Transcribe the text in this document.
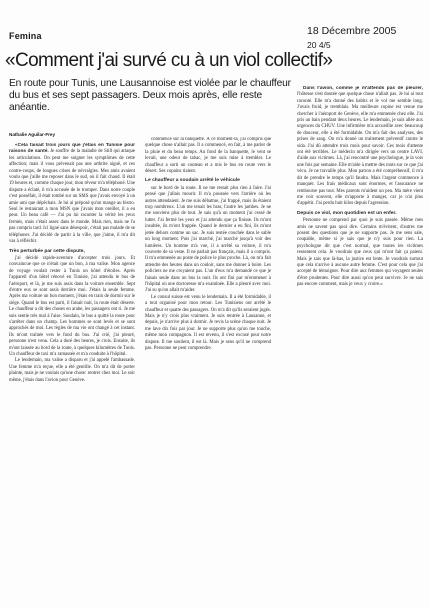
Femina	18 Décembre 2005
20 4/5
«Comment j'ai survé cu à un viol collectif»
En route pour Tunis, une Lausannoise est violée par le chauffeur du bus et ses sept passagers. Deux mois après, elle reste anéantie.
Nathalie Aguilar-Frey

«Cela faisait trois jours que j'étais en Tunisie pour raisons de santé. Je souffre de la maladie de Still qui attaque les articulations. On peut me soigner les symptômes de cette affection; mais il vous prévenait pas une arthrite aiguë, et ces contre-coups, de longues crises de névralgies. Mes amis avaient voulu que j'aille me reposer dans le sud, où il fait chaud. Il était 19 heures et, comme chaque jour, mon rêveur m'a téléphoné. Une dispute a éclaté, il m'a accusée de le tromper. Dans notre couple c'est posséfait, il était tombé sur un SMS que j'avais envoyé à un amie ami que dépêchais. Je lui ai préposé qu'on mange au bistro. Seul le restaurant a mon MSN que j'avais mon oreiller, il a eu peur. Un beau café — J'ai pu lui raconter la vérité les yeux fermés, mais c'était assez dans le monde. Mais rien, mais ne l'a pas compris tard. Ici ligné sans désespoir, c'était pas malade de se téléphoner. J'ai décidé de partir à la ville, que j'aime, il m'a dit vas à réfléchir.

Très perturbée par cette dispute,

j'ai décidé rapide-aventure d'accepter trois jours. Et convaincue que ce n'était que un bon, à ma valise. Mon agence de voyage voulait rester à Tunis un hôtel d'étoiles. Après l'appareil d'un hôtel rénové en Tunisie, j'ai attendu le bus de l'aéroport, et là, je me suis assis dans la voiture ensemble. Sept d'entre eux se sont assis derrière moi. J'étais la seule femme. Après ma voiture un bon moment, j'étais en train de dormir sur le siège. Quand le bus est parti, il faisait nuit, la route était déserte. Le chauffeur a dit des choses en arabe, les passagers ont ri. Je me suis sentie très mal à l'aise. Soudain, le bus a quitté la route pour s'arrêter dans un champ. Les hommes se sont levés et se sont approchés de moi. Les règles de ma vie ont changé à cet instant. Ils m'ont traînée vers le fond du bus. J'ai crié, j'ai pleuré, personne n'est venu. Cela a duré des heures, je crois. Ensuite, ils m'ont laissée au bord de la route, à quelques kilomètres de Tunis. Un chauffeur de taxi m'a ramassée et m'a conduite à l'hôpital.

Le lendemain, ma valise a disparu et j'ai appelé l'ambassade. Une femme m'a reçue, elle a été gentille. On m'a dit de porter plainte, mais je ne voulais qu'une chose: rentrer chez moi. Le soir même, j'étais dans l'avion pour Genève.

commencé sur la banquette. À ce moment-là, j'ai compris que quelque chose n'allait pas. Il a commencé, en fait, à me parler de la pluie et du beau temps. Au fond de la banquette, le vent se levait, une odeur de tabac, je me suis mise à trembler. Le chauffeur a sorti un couteau et a mis le bus en route vers le désert. Ses copains riaient.

Le chauffeur a soudain arrêté le véhicule

sur le bord de la route. Il ne me restait plus rien à faire. J'ai pensé que j'allais mourir. Il m'a poussée vers l'arrière où les autres attendaient. Je me suis débattue, j'ai frappé, mais ils étaient trop nombreux. L'un me tenait les bras, l'autre les jambes. Je ne me souviens plus de tout. Je sais qu'à un moment j'ai cessé de lutter. J'ai fermé les yeux et j'ai attendu que ça finisse. Ils m'ont insultée, ils m'ont frappée. Quand le dernier a eu fini, ils m'ont jetée dehors comme un sac. Je suis restée couchée dans le sable un long moment. Puis j'ai marché, j'ai marché jusqu'à voir des lumières. Un homme m'a vue, il a arrêté sa voiture, il m'a couverte de sa veste. Il ne parlait pas français, mais il a compris. Il m'a emmenée au poste de police le plus proche. Là, on m'a fait attendre des heures dans un couloir, sans me donner à boire. Les policiers ne me croyaient pas. L'un d'eux m'a demandé ce que je faisais seule dans un bus la nuit. Ils ont fini par m'emmener à l'hôpital où une doctoresse m'a examinée. Elle a pleuré avec moi. J'ai su qu'on allait m'aider.

Le consul suisse est venu le lendemain. Il a été formidable, il a tout organisé pour mon retour. Les Tunisiens ont arrêté le chauffeur et quatre des passagers. On m'a dit qu'ils seraient jugés. Mais je n'y crois plus vraiment. Je suis rentrée à Lausanne, et depuis, je n'arrive plus à dormir. Je revis la scène chaque nuit. Je me lave dix fois par jour. Je ne supporte plus qu'on me touche, même mon compagnon. Il est revenu, il s'est excusé pour notre dispute. Il me soutient, il est là. Mais je sens qu'il ne comprend pas. Personne ne peut comprendre.

Dans l'avion, comme je m'attends pas de pleurer, l'hôtesse s'est doutée que quelque chose n'allait pas. Je lui ai tout raconté. Elle m'a donné des habits et le vol me semble long. J'avais froid, je tremblais. Ma meilleure copine est venue me chercher à l'aéroport de Genève, elle m'a emmenée chez elle. J'ai pris un bain pendant deux heures. Le lendemain, je suis allée aux urgences du CHUV. Une infirmière m'a accueillie avec beaucoup de douceur, elle a été formidable. On m'a fait des analyses, des prises de sang. On m'a donné un traitement préventif contre le sida. J'ai dû attendre trois mois pour savoir. Ces mois d'attente ont été terribles. Le médecin m'a dirigée vers un centre LAVI, d'aide aux victimes. Là, j'ai rencontré une psychologue, je la vois une fois par semaine. Elle m'aide à mettre des mots sur ce que j'ai vécu. Je ne travaille plus. Mon patron a été compréhensif, il m'a dit de prendre le temps qu'il faudra. Mais l'argent commence à manquer. Les frais médicaux sont énormes, et l'assurance ne rembourse pas tout. Mes parents m'aident un peu. Ma mère vient me voir souvent, elle m'apporte à manger, car je n'ai plus d'appétit. J'ai perdu huit kilos depuis l'agression.

Depuis ce viol, mon quotidien est un enfer.

Personne ne comprend par quoi je suis passée. Même mes amis ne savent pas quoi dire. Certains m'évitent, d'autres me posent des questions que je ne supporte pas. Je me sens sale, coupable, même si je sais que je n'y suis pour rien. La psychologue dit que c'est normal, que toutes les victimes ressentent cela. Je voudrais que ceux qui m'ont fait ça paient. Mais je sais que là-bas, la justice est lente. Je voudrais surtout que cela n'arrive à aucune autre femme. C'est pour cela que j'ai accepté de témoigner. Pour dire aux femmes qui voyagent seules d'être prudentes. Pour dire aussi qu'on peut survivre. Je ne sais pas encore comment, mais je veux y croire.»
